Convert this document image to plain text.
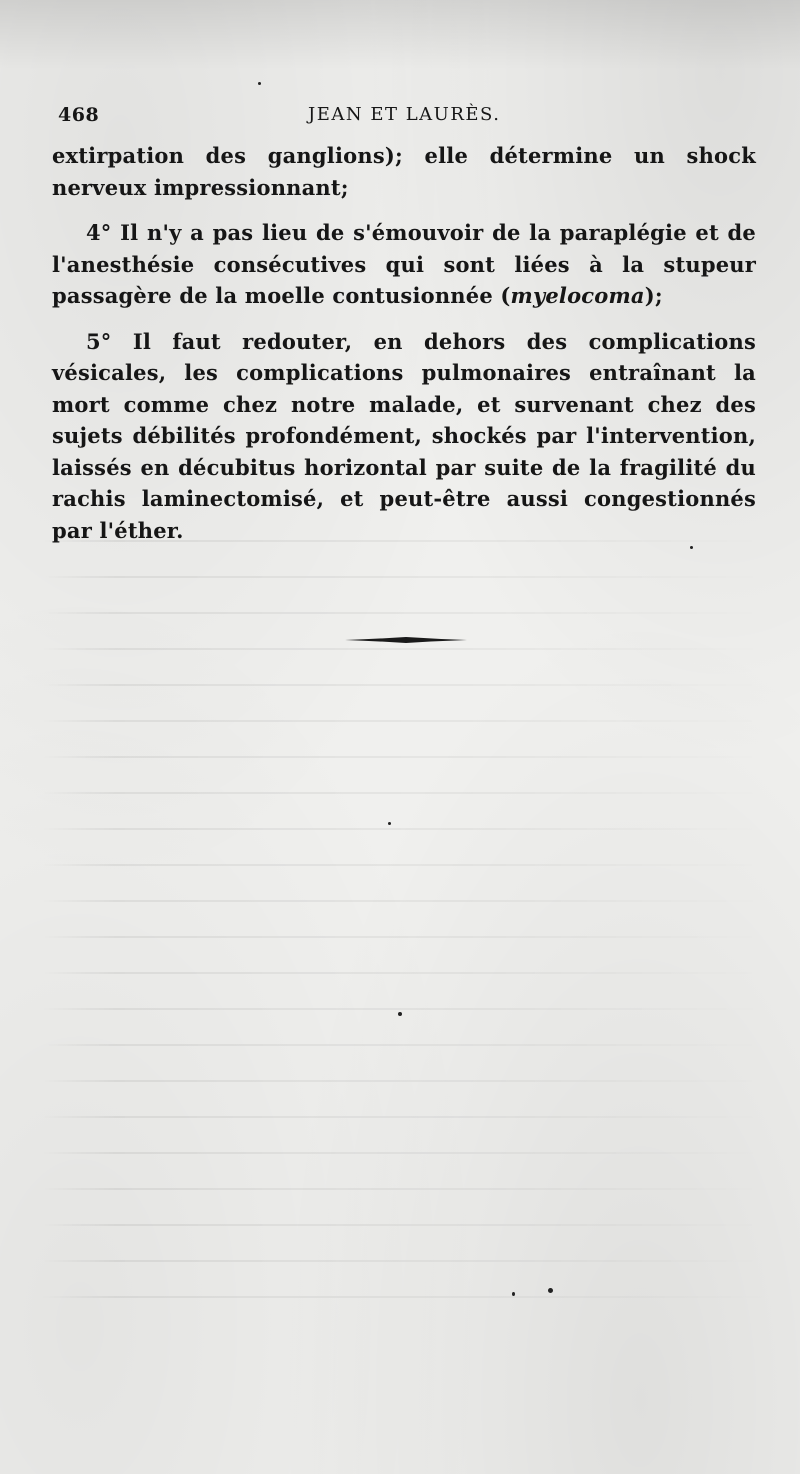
468	JEAN ET LAURÈS.

extirpation des ganglions); elle détermine un shock nerveux impressionnant;

4° Il n'y a pas lieu de s'émouvoir de la paraplégie et de l'anesthésie consécutives qui sont liées à la stupeur passagère de la moelle contusionnée (myelocoma);

5° Il faut redouter, en dehors des complications vésicales, les complications pulmonaires entraînant la mort comme chez notre malade, et survenant chez des sujets débilités profondément, shockés par l'intervention, laissés en décubitus horizontal par suite de la fragilité du rachis laminectomisé, et peut-être aussi congestionnés par l'éther.
